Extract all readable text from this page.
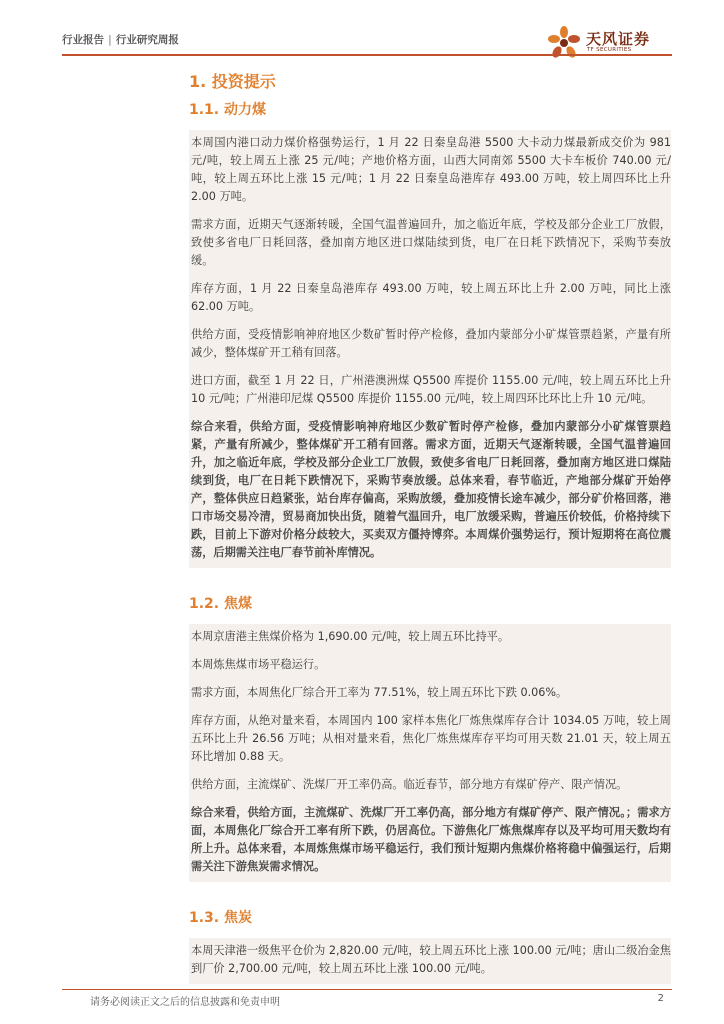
行业报告 | 行业研究周报	天风证券
TF SECURITIES
1. 投资提示
1.1. 动力煤

本周国内港口动力煤价格强势运行，1 月 22 日秦皇岛港 5500 大卡动力煤最新成交价为 981 元/吨，较上周五上涨 25 元/吨；产地价格方面，山西大同南郊 5500 大卡车板价 740.00 元/吨，较上周五环比上涨 15 元/吨；1 月 22 日秦皇岛港库存 493.00 万吨，较上周四环比上升 2.00 万吨。

需求方面，近期天气逐渐转暖，全国气温普遍回升，加之临近年底，学校及部分企业工厂放假，致使多省电厂日耗回落，叠加南方地区进口煤陆续到货，电厂在日耗下跌情况下，采购节奏放缓。

库存方面，1 月 22 日秦皇岛港库存 493.00 万吨，较上周五环比上升 2.00 万吨，同比上涨 62.00 万吨。

供给方面，受疫情影响神府地区少数矿暂时停产检修，叠加内蒙部分小矿煤管票趋紧，产量有所减少，整体煤矿开工稍有回落。

进口方面，截至 1 月 22 日，广州港澳洲煤 Q5500 库提价 1155.00 元/吨，较上周五环比上升 10 元/吨；广州港印尼煤 Q5500 库提价 1155.00 元/吨，较上周四环比环比上升 10 元/吨。

综合来看，供给方面，受疫情影响神府地区少数矿暂时停产检修，叠加内蒙部分小矿煤管票趋紧，产量有所减少，整体煤矿开工稍有回落。需求方面，近期天气逐渐转暖，全国气温普遍回升，加之临近年底，学校及部分企业工厂放假，致使多省电厂日耗回落，叠加南方地区进口煤陆续到货，电厂在日耗下跌情况下，采购节奏放缓。总体来看，春节临近，产地部分煤矿开始停产，整体供应日趋紧张，站台库存偏高，采购放缓，叠加疫情长途车减少，部分矿价格回落，港口市场交易冷清，贸易商加快出货，随着气温回升，电厂放缓采购，普遍压价较低，价格持续下跌，目前上下游对价格分歧较大，买卖双方僵持博弈。本周煤价强势运行，预计短期将在高位震荡，后期需关注电厂春节前补库情况。

1.2. 焦煤

本周京唐港主焦煤价格为 1,690.00 元/吨，较上周五环比持平。

本周炼焦煤市场平稳运行。

需求方面，本周焦化厂综合开工率为 77.51%，较上周五环比下跌 0.06%。

库存方面，从绝对量来看，本周国内 100 家样本焦化厂炼焦煤库存合计 1034.05 万吨，较上周五环比上升 26.56 万吨；从相对量来看，焦化厂炼焦煤库存平均可用天数 21.01 天，较上周五环比增加 0.88 天。

供给方面，主流煤矿、洗煤厂开工率仍高。临近春节，部分地方有煤矿停产、限产情况。

综合来看，供给方面，主流煤矿、洗煤厂开工率仍高，部分地方有煤矿停产、限产情况。；需求方面，本周焦化厂综合开工率有所下跌，仍居高位。下游焦化厂炼焦煤库存以及平均可用天数均有所上升。总体来看，本周炼焦煤市场平稳运行，我们预计短期内焦煤价格将稳中偏强运行，后期需关注下游焦炭需求情况。

1.3. 焦炭

本周天津港一级焦平仓价为 2,820.00 元/吨，较上周五环比上涨 100.00 元/吨；唐山二级冶金焦到厂价 2,700.00 元/吨，较上周五环比上涨 100.00 元/吨。

请务必阅读正文之后的信息披露和免责申明	2
